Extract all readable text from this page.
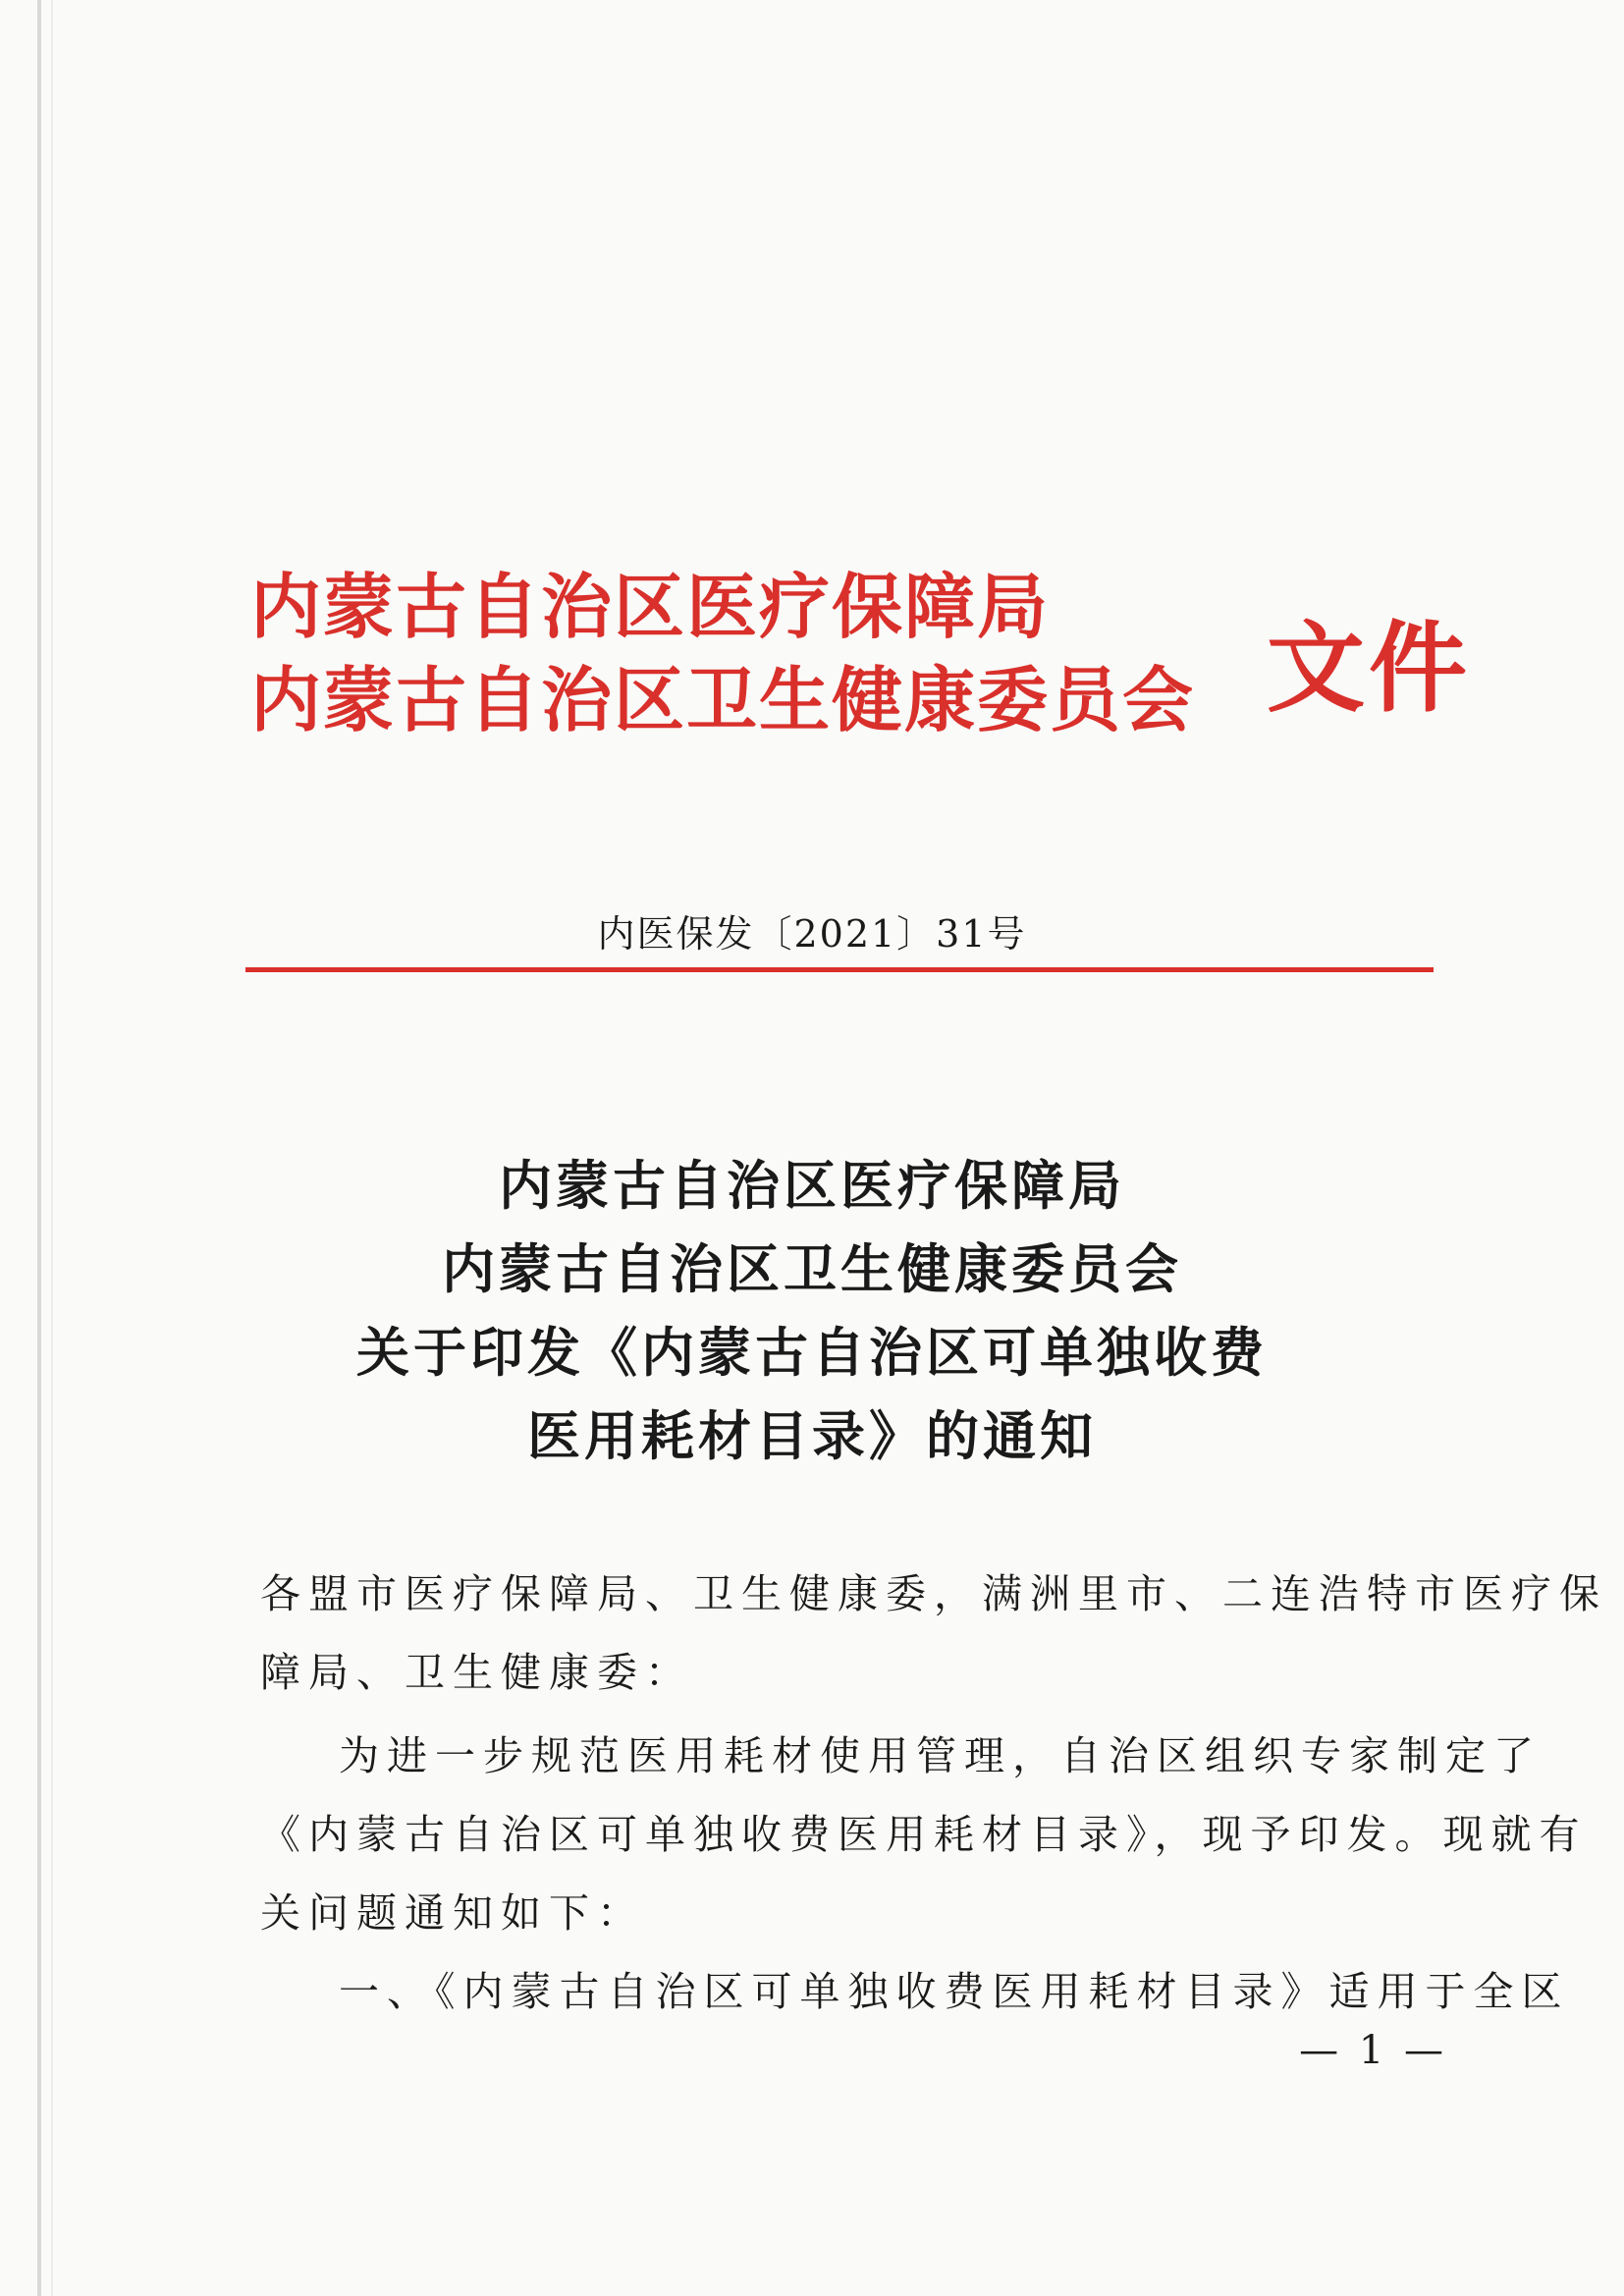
内蒙古自治区医疗保障局
内蒙古自治区卫生健康委员会 文件
内医保发〔2021〕31号
内蒙古自治区医疗保障局
内蒙古自治区卫生健康委员会
关于印发《内蒙古自治区可单独收费
医用耗材目录》的通知
各盟市医疗保障局、卫生健康委，满洲里市、二连浩特市医疗保
障局、卫生健康委：
为进一步规范医用耗材使用管理，自治区组织专家制定了
《内蒙古自治区可单独收费医用耗材目录》，现予印发。现就有
关问题通知如下：
一、《内蒙古自治区可单独收费医用耗材目录》适用于全区
— 1 —
